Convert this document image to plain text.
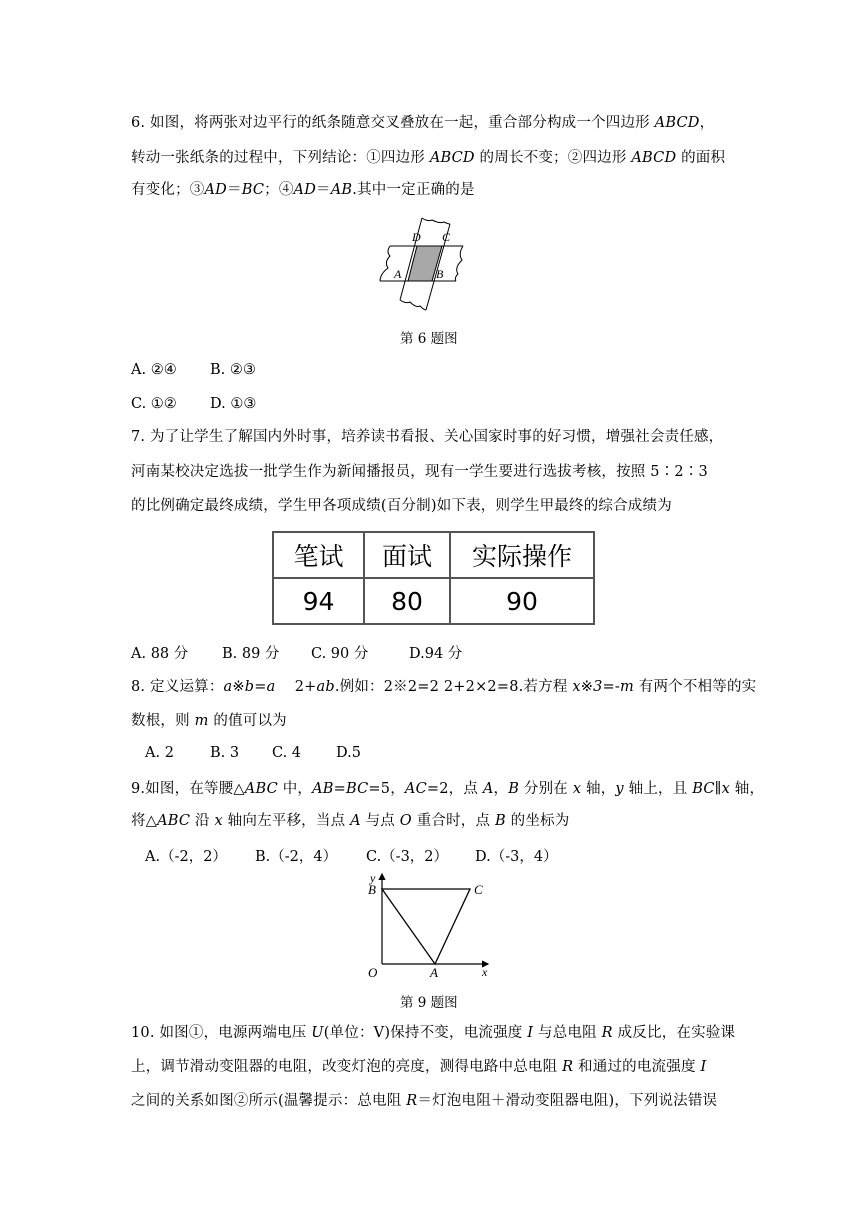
6. 如图，将两张对边平行的纸条随意交叉叠放在一起，重合部分构成一个四边形 ABCD，
转动一张纸条的过程中，下列结论：①四边形 ABCD 的周长不变；②四边形 ABCD 的面积
有变化；③AD＝BC；④AD＝AB.其中一定正确的是
D C
A	B
第 6 题图
A. ②④ B. ②③
C. ①② D. ①③
7. 为了让学生了解国内外时事，培养读书看报、关心国家时事的好习惯，增强社会责任感，
河南某校决定选拔一批学生作为新闻播报员，现有一学生要进行选拔考核，按照 5∶2∶3
的比例确定最终成绩，学生甲各项成绩(百分制)如下表，则学生甲最终的综合成绩为
笔试	面试	实际操作
94	80	90
A. 88 分 B. 89 分 C. 90 分	D.94 分
8. 定义运算：a※b=a 2+ab.例如：2※2=2 2+2×2=8.若方程 x※3=-m 有两个不相等的实
数根，则 m 的值可以为
A. 2 B. 3 C. 4 D.5
9.如图，在等腰△ABC 中，AB=BC=5，AC=2，点 A，B 分别在 x 轴，y 轴上，且 BC∥x 轴，
将△ABC 沿 x 轴向左平移，当点 A 与点 O 重合时，点 B 的坐标为
A.（-2，2） B.（-2，4） C.（-3，2） D.（-3，4）
y
B	C
O	A	x
第 9 题图
10. 如图①，电源两端电压 U(单位：V)保持不变，电流强度 I 与总电阻 R 成反比，在实验课
上，调节滑动变阻器的电阻，改变灯泡的亮度，测得电路中总电阻 R 和通过的电流强度 I
之间的关系如图②所示(温馨提示：总电阻 R＝灯泡电阻＋滑动变阻器电阻)，下列说法错误
